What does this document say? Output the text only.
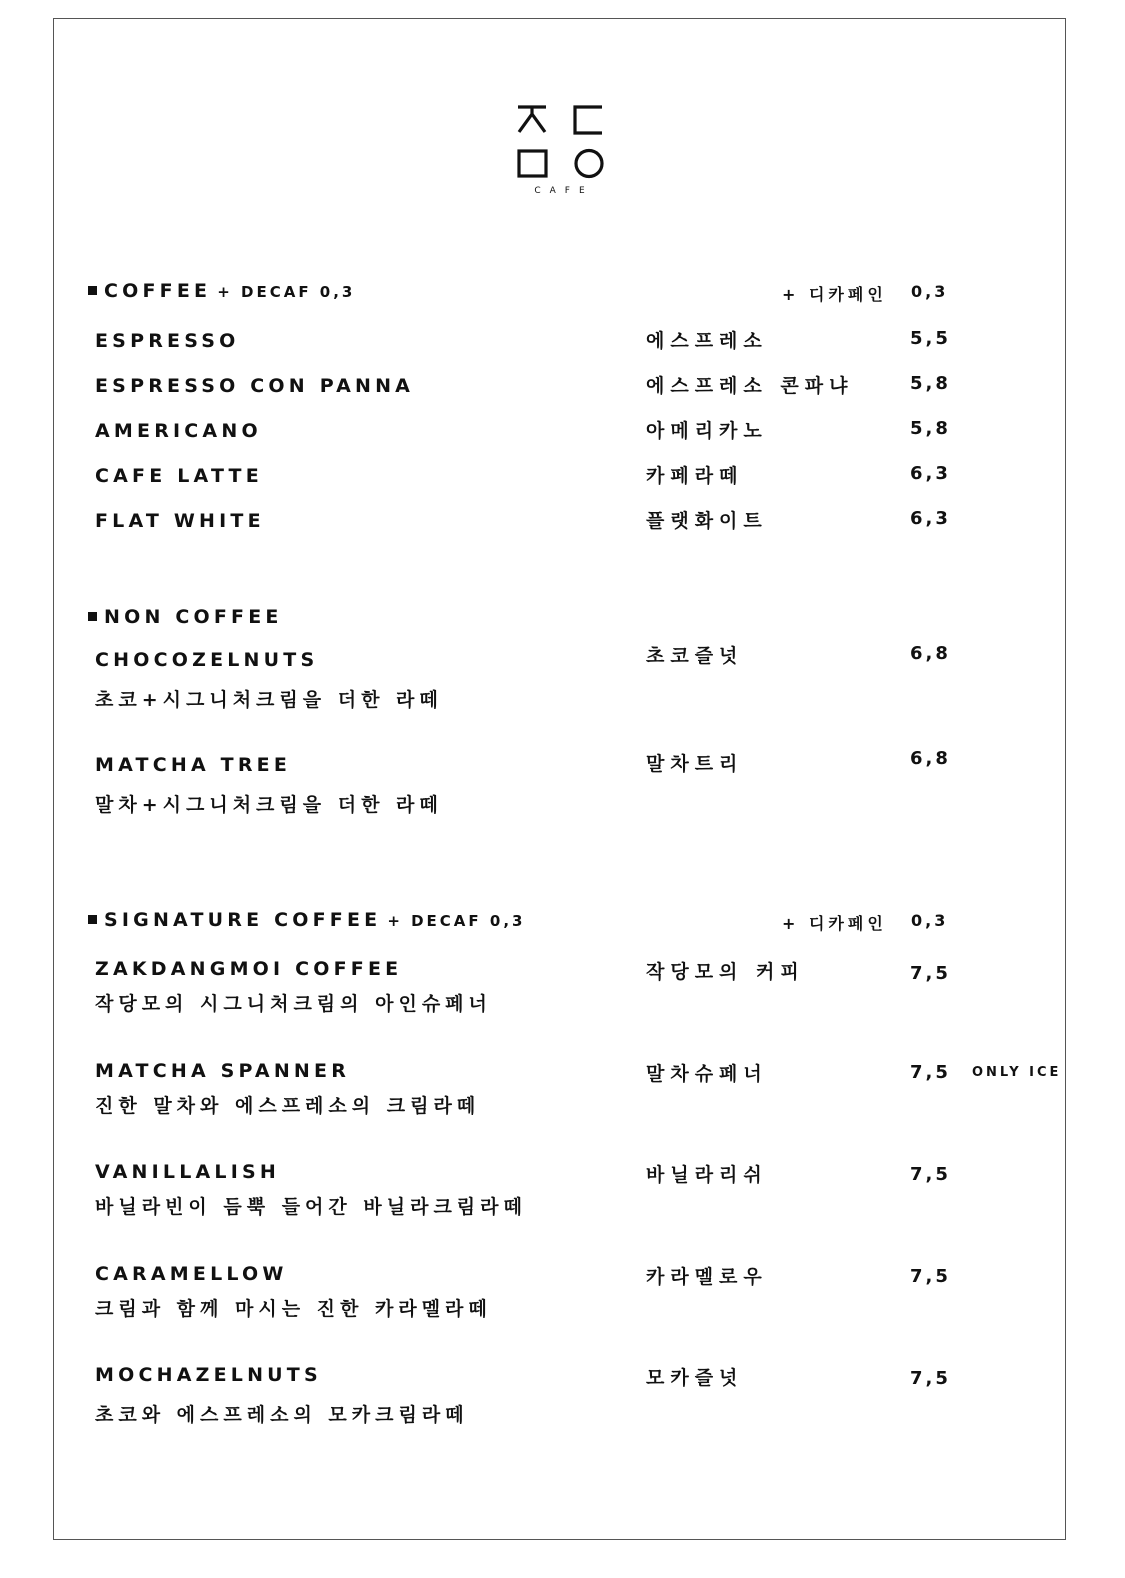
CAFE
COFFEE + DECAF 0,3	+ 디카페인 0,3
ESPRESSO	에스프레소	5,5
ESPRESSO CON PANNA	에스프레소 콘파냐	5,8
AMERICANO	아메리카노	5,8
CAFE LATTE	카페라떼	6,3
FLAT WHITE	플랫화이트	6,3
NON COFFEE
CHOCOZELNUTS	초코즐넛	6,8
초코+시그니처크림을 더한 라떼
MATCHA TREE	말차트리	6,8
말차+시그니처크림을 더한 라떼
SIGNATURE COFFEE + DECAF 0,3	+ 디카페인 0,3
ZAKDANGMOI COFFEE	작당모의 커피	7,5
작당모의 시그니처크림의 아인슈페너
MATCHA SPANNER	말차슈페너	7,5 ONLY ICE
진한 말차와 에스프레소의 크림라떼
VANILLALISH	바닐라리쉬	7,5
바닐라빈이 듬뿍 들어간 바닐라크림라떼
CARAMELLOW	카라멜로우	7,5
크림과 함께 마시는 진한 카라멜라떼
MOCHAZELNUTS	모카즐넛	7,5
초코와 에스프레소의 모카크림라떼
